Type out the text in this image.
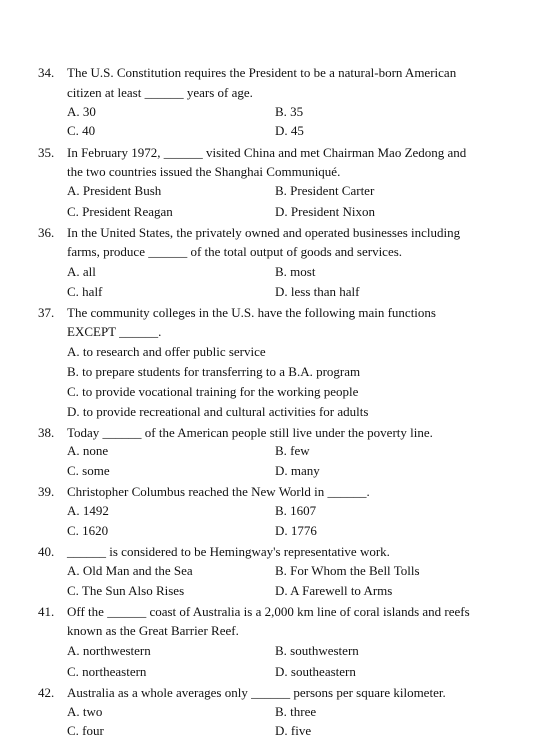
34. The U.S. Constitution requires the President to be a natural-born American
citizen at least ______ years of age.
A. 30	B. 35
C. 40	D. 45
35. In February 1972, ______ visited China and met Chairman Mao Zedong and
the two countries issued the Shanghai Communiqué.
A. President Bush	B. President Carter
C. President Reagan	D. President Nixon
36. In the United States, the privately owned and operated businesses including
farms, produce ______ of the total output of goods and services.
A. all	B. most
C. half	D. less than half
37. The community colleges in the U.S. have the following main functions
EXCEPT ______.
A. to research and offer public service
B. to prepare students for transferring to a B.A. program
C. to provide vocational training for the working people
D. to provide recreational and cultural activities for adults
38. Today ______ of the American people still live under the poverty line.
A. none	B. few
C. some	D. many
39. Christopher Columbus reached the New World in ______.
A. 1492	B. 1607
C. 1620	D. 1776
40. ______ is considered to be Hemingway's representative work.
A. Old Man and the Sea	B. For Whom the Bell Tolls
C. The Sun Also Rises	D. A Farewell to Arms
41. Off the ______ coast of Australia is a 2,000 km line of coral islands and reefs
known as the Great Barrier Reef.
A. northwestern	B. southwestern
C. northeastern	D. southeastern
42. Australia as a whole averages only ______ persons per square kilometer.
A. two	B. three
C. four	D. five
